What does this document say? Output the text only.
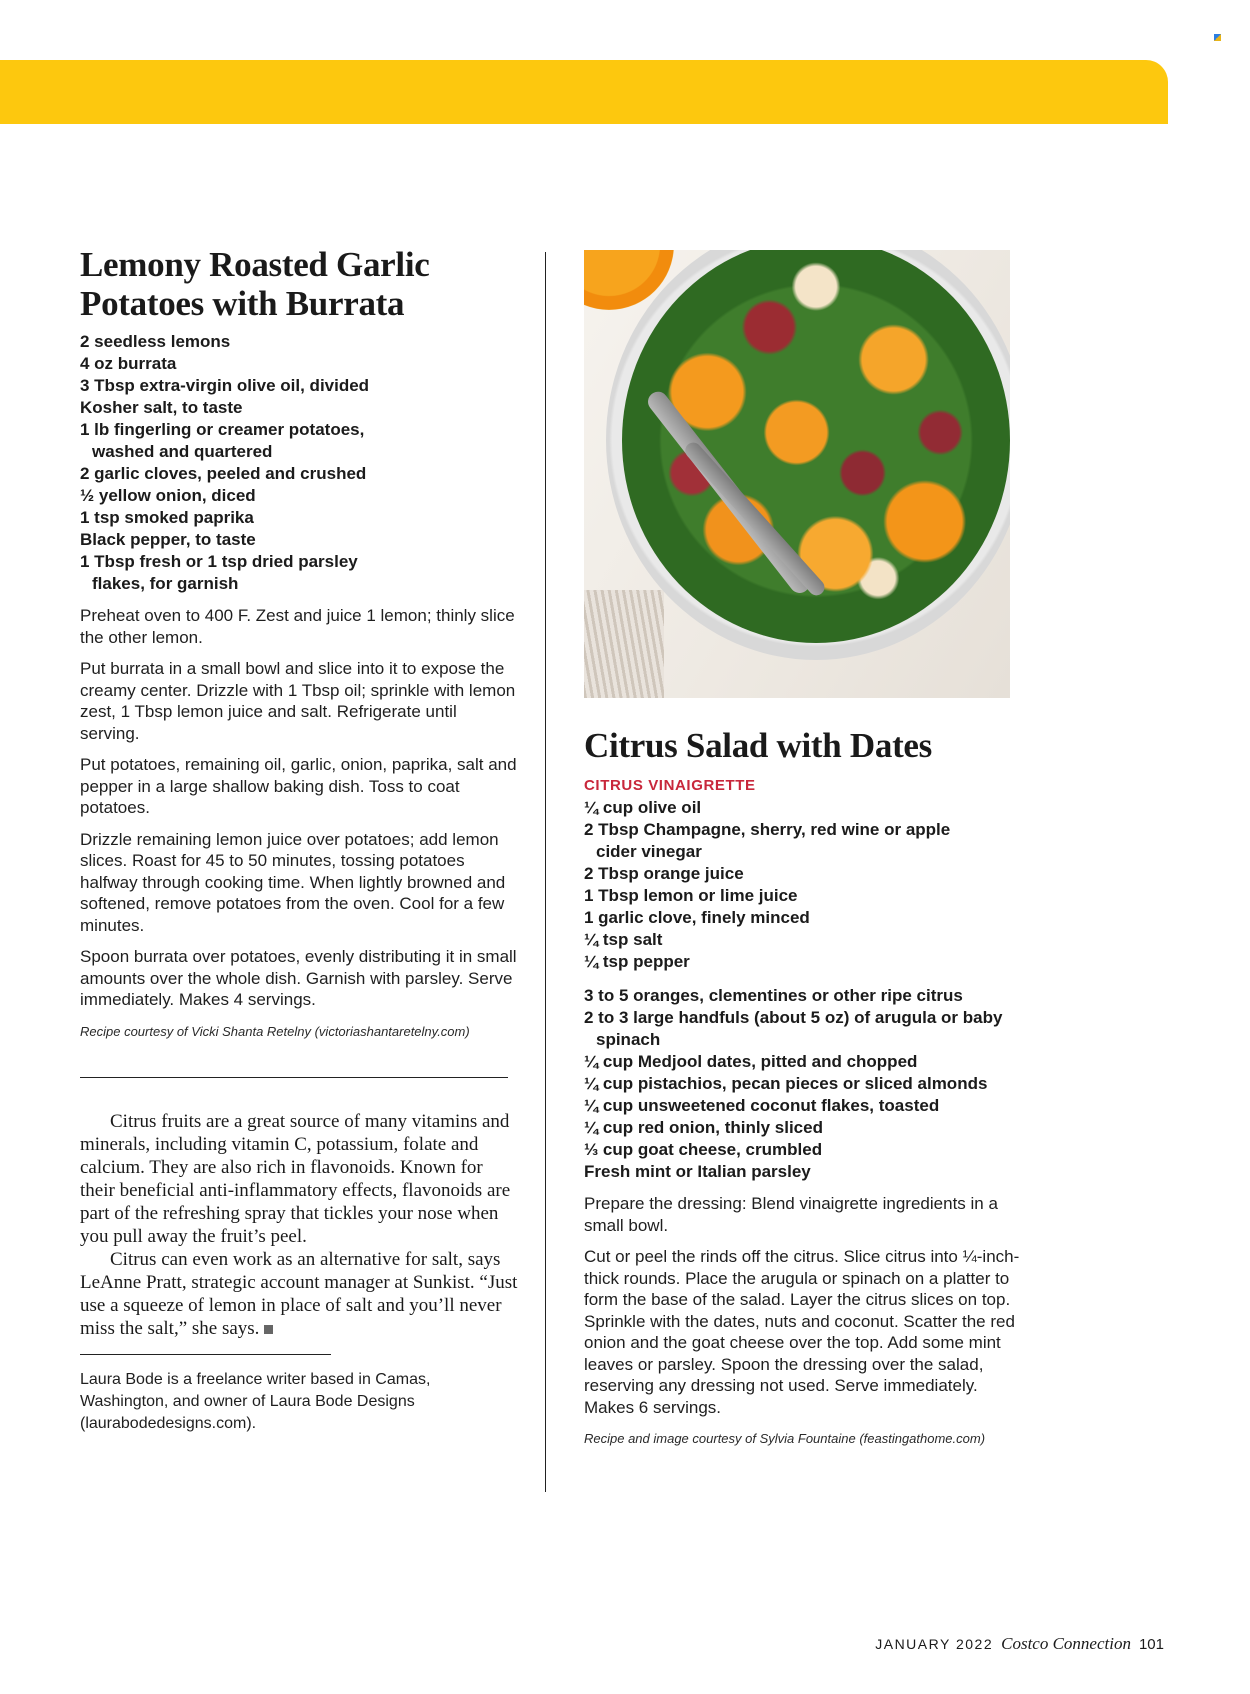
Lemony Roasted Garlic
Potatoes with Burrata
2 seedless lemons
4 oz burrata
3 Tbsp extra-virgin olive oil, divided
Kosher salt, to taste
1 lb fingerling or creamer potatoes, washed and quartered
2 garlic cloves, peeled and crushed
½ yellow onion, diced
1 tsp smoked paprika
Black pepper, to taste
1 Tbsp fresh or 1 tsp dried parsley flakes, for garnish

Preheat oven to 400 F. Zest and juice 1 lemon; thinly slice the other lemon.

Put burrata in a small bowl and slice into it to expose the creamy center. Drizzle with 1 Tbsp oil; sprinkle with lemon zest, 1 Tbsp lemon juice and salt. Refrigerate until serving.

Put potatoes, remaining oil, garlic, onion, paprika, salt and pepper in a large shallow baking dish. Toss to coat potatoes.

Drizzle remaining lemon juice over potatoes; add lemon slices. Roast for 45 to 50 minutes, tossing potatoes halfway through cooking time. When lightly browned and softened, remove potatoes from the oven. Cool for a few minutes.

Spoon burrata over potatoes, evenly distributing it in small amounts over the whole dish. Garnish with parsley. Serve immediately. Makes 4 servings.

Recipe courtesy of Vicki Shanta Retelny (victoriashantaretelny.com)

Citrus fruits are a great source of many vitamins and minerals, including vitamin C, potassium, folate and calcium. They are also rich in flavonoids. Known for their beneficial anti-inflammatory effects, flavonoids are part of the refreshing spray that tickles your nose when you pull away the fruit’s peel.

Citrus can even work as an alternative for salt, says LeAnne Pratt, strategic account manager at Sunkist. “Just use a squeeze of lemon in place of salt and you’ll never miss the salt,” she says.

Laura Bode is a freelance writer based in Camas, Washington, and owner of Laura Bode Designs (laurabodedesigns.com).

Citrus Salad with Dates
CITRUS VINAIGRETTE
¼ cup olive oil
2 Tbsp Champagne, sherry, red wine or apple cider vinegar
2 Tbsp orange juice
1 Tbsp lemon or lime juice
1 garlic clove, finely minced
¼ tsp salt
¼ tsp pepper
3 to 5 oranges, clementines or other ripe citrus
2 to 3 large handfuls (about 5 oz) of arugula or baby spinach
¼ cup Medjool dates, pitted and chopped
¼ cup pistachios, pecan pieces or sliced almonds
¼ cup unsweetened coconut flakes, toasted
¼ cup red onion, thinly sliced
⅓ cup goat cheese, crumbled
Fresh mint or Italian parsley

Prepare the dressing: Blend vinaigrette ingredients in a small bowl.

Cut or peel the rinds off the citrus. Slice citrus into ¼-inch-thick rounds. Place the arugula or spinach on a platter to form the base of the salad. Layer the citrus slices on top. Sprinkle with the dates, nuts and coconut. Scatter the red onion and the goat cheese over the top. Add some mint leaves or parsley. Spoon the dressing over the salad, reserving any dressing not used. Serve immediately. Makes 6 servings.

Recipe and image courtesy of Sylvia Fountaine (feastingathome.com)
JANUARY 2022 Costco Connection 101
